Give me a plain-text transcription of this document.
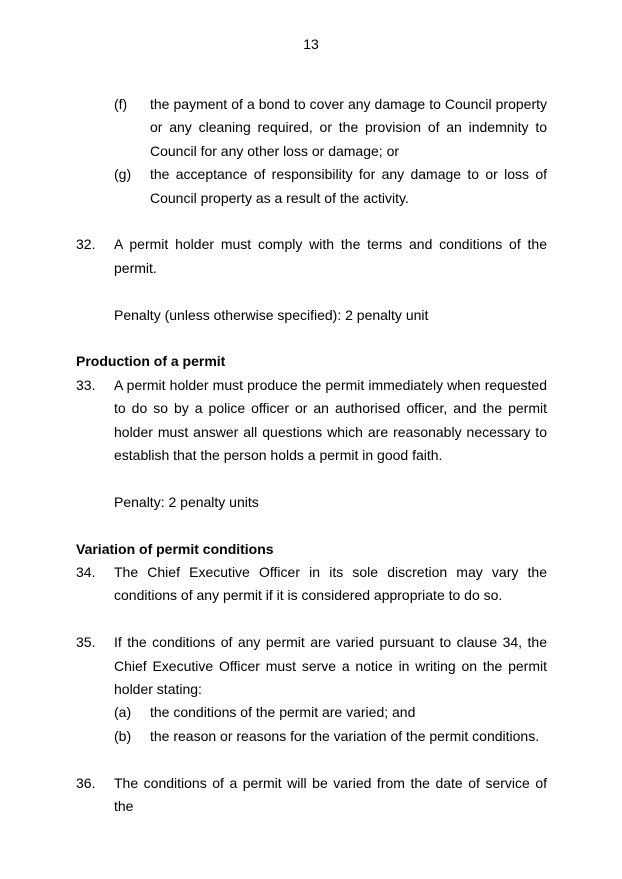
13
(f) the payment of a bond to cover any damage to Council property or any cleaning required, or the provision of an indemnity to Council for any other loss or damage; or
(g) the acceptance of responsibility for any damage to or loss of Council property as a result of the activity.
32. A permit holder must comply with the terms and conditions of the permit.
Penalty (unless otherwise specified): 2 penalty unit
Production of a permit
33. A permit holder must produce the permit immediately when requested to do so by a police officer or an authorised officer, and the permit holder must answer all questions which are reasonably necessary to establish that the person holds a permit in good faith.
Penalty: 2 penalty units
Variation of permit conditions
34. The Chief Executive Officer in its sole discretion may vary the conditions of any permit if it is considered appropriate to do so.
35. If the conditions of any permit are varied pursuant to clause 34, the Chief Executive Officer must serve a notice in writing on the permit holder stating:
(a) the conditions of the permit are varied; and
(b) the reason or reasons for the variation of the permit conditions.
36. The conditions of a permit will be varied from the date of service of the
